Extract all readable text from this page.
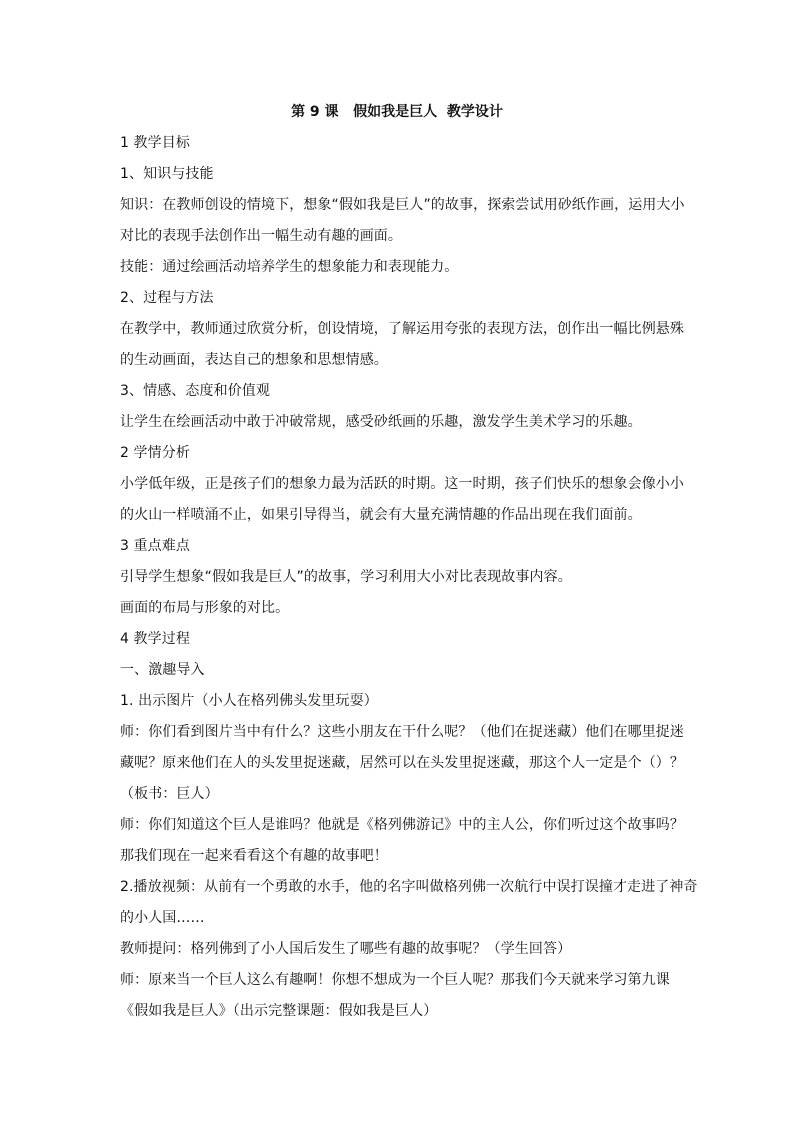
第 9 课   假如我是巨人  教学设计

1 教学目标

1、知识与技能

知识：在教师创设的情境下，想象“假如我是巨人”的故事，探索尝试用砂纸作画，运用大小

对比的表现手法创作出一幅生动有趣的画面。

技能：通过绘画活动培养学生的想象能力和表现能力。

2、过程与方法

在教学中，教师通过欣赏分析，创设情境，了解运用夸张的表现方法，创作出一幅比例悬殊

的生动画面，表达自己的想象和思想情感。

3、情感、态度和价值观

让学生在绘画活动中敢于冲破常规，感受砂纸画的乐趣，激发学生美术学习的乐趣。

2 学情分析

小学低年级，正是孩子们的想象力最为活跃的时期。这一时期，孩子们快乐的想象会像小小

的火山一样喷涌不止，如果引导得当，就会有大量充满情趣的作品出现在我们面前。

3 重点难点

引导学生想象“假如我是巨人”的故事，学习利用大小对比表现故事内容。

画面的布局与形象的对比。

4 教学过程

一、激趣导入

1. 出示图片（小人在格列佛头发里玩耍）

师：你们看到图片当中有什么？这些小朋友在干什么呢？（他们在捉迷藏）他们在哪里捉迷

藏呢？原来他们在人的头发里捉迷藏，居然可以在头发里捉迷藏，那这个人一定是个（）？

（板书：巨人）

师：你们知道这个巨人是谁吗？他就是《格列佛游记》中的主人公，你们听过这个故事吗？

那我们现在一起来看看这个有趣的故事吧！

2.播放视频：从前有一个勇敢的水手，他的名字叫做格列佛一次航行中误打误撞才走进了神奇

的小人国……

教师提问：格列佛到了小人国后发生了哪些有趣的故事呢？（学生回答）

师：原来当一个巨人这么有趣啊！你想不想成为一个巨人呢？那我们今天就来学习第九课

《假如我是巨人》（出示完整课题：假如我是巨人）
